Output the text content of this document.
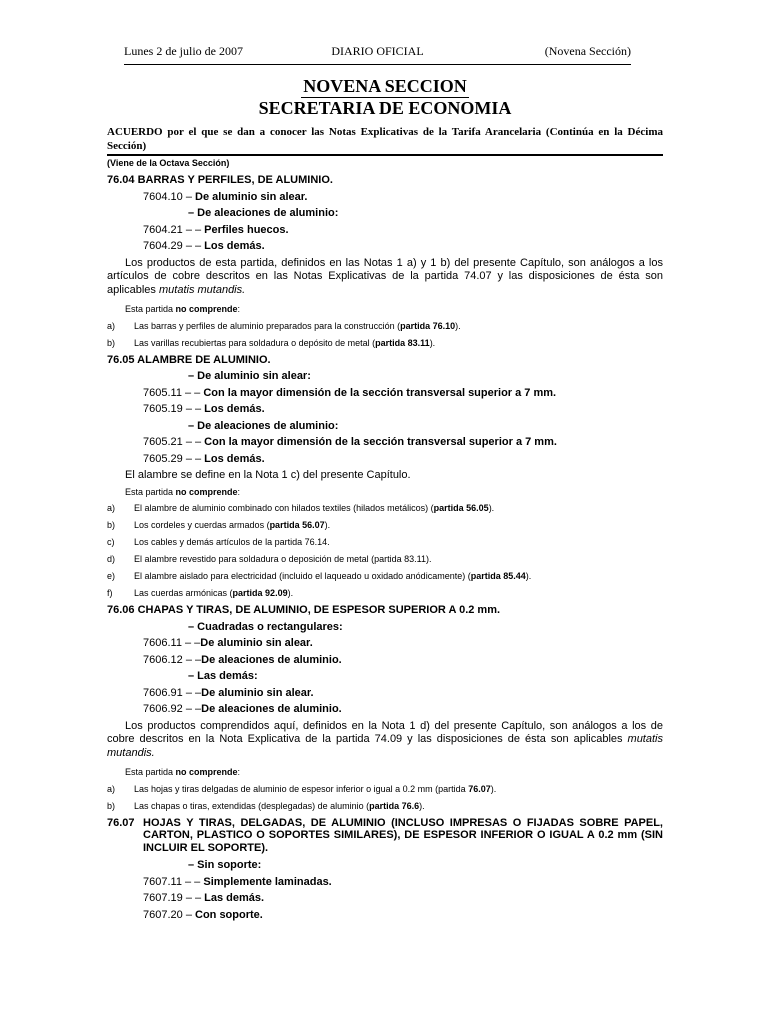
Lunes 2 de julio de 2007	DIARIO OFICIAL	(Novena Sección)
NOVENA SECCION
SECRETARIA DE ECONOMIA
ACUERDO por el que se dan a conocer las Notas Explicativas de la Tarifa Arancelaria (Continúa en la Décima Sección)
(Viene de la Octava Sección)
76.04 BARRAS Y PERFILES, DE ALUMINIO.
7604.10 – De aluminio sin alear.
– De aleaciones de aluminio:
7604.21 – – Perfiles huecos.
7604.29 – – Los demás.
Los productos de esta partida, definidos en las Notas 1 a) y 1 b) del presente Capítulo, son análogos a los artículos de cobre descritos en las Notas Explicativas de la partida 74.07 y las disposiciones de ésta son aplicables mutatis mutandis.
Esta partida no comprende:
a) Las barras y perfiles de aluminio preparados para la construcción (partida 76.10).
b) Las varillas recubiertas para soldadura o depósito de metal (partida 83.11).
76.05 ALAMBRE DE ALUMINIO.
– De aluminio sin alear:
7605.11 – – Con la mayor dimensión de la sección transversal superior a 7 mm.
7605.19 – – Los demás.
– De aleaciones de aluminio:
7605.21 – – Con la mayor dimensión de la sección transversal superior a 7 mm.
7605.29 – – Los demás.
El alambre se define en la Nota 1 c) del presente Capítulo.
Esta partida no comprende:
a) El alambre de aluminio combinado con hilados textiles (hilados metálicos) (partida 56.05).
b) Los cordeles y cuerdas armados (partida 56.07).
c) Los cables y demás artículos de la partida 76.14.
d) El alambre revestido para soldadura o deposición de metal (partida 83.11).
e) El alambre aislado para electricidad (incluido el laqueado u oxidado anódicamente) (partida 85.44).
f) Las cuerdas armónicas (partida 92.09).
76.06 CHAPAS Y TIRAS, DE ALUMINIO, DE ESPESOR SUPERIOR A 0.2 mm.
– Cuadradas o rectangulares:
7606.11 – –De aluminio sin alear.
7606.12 – –De aleaciones de aluminio.
– Las demás:
7606.91 – –De aluminio sin alear.
7606.92 – –De aleaciones de aluminio.
Los productos comprendidos aquí, definidos en la Nota 1 d) del presente Capítulo, son análogos a los de cobre descritos en la Nota Explicativa de la partida 74.09 y las disposiciones de ésta son aplicables mutatis mutandis.
Esta partida no comprende:
a) Las hojas y tiras delgadas de aluminio de espesor inferior o igual a 0.2 mm (partida 76.07).
b) Las chapas o tiras, extendidas (desplegadas) de aluminio (partida 76.6).
76.07 HOJAS Y TIRAS, DELGADAS, DE ALUMINIO (INCLUSO IMPRESAS O FIJADAS SOBRE PAPEL, CARTON, PLASTICO O SOPORTES SIMILARES), DE ESPESOR INFERIOR O IGUAL A 0.2 mm (SIN INCLUIR EL SOPORTE).
– Sin soporte:
7607.11 – – Simplemente laminadas.
7607.19 – – Las demás.
7607.20 – Con soporte.
